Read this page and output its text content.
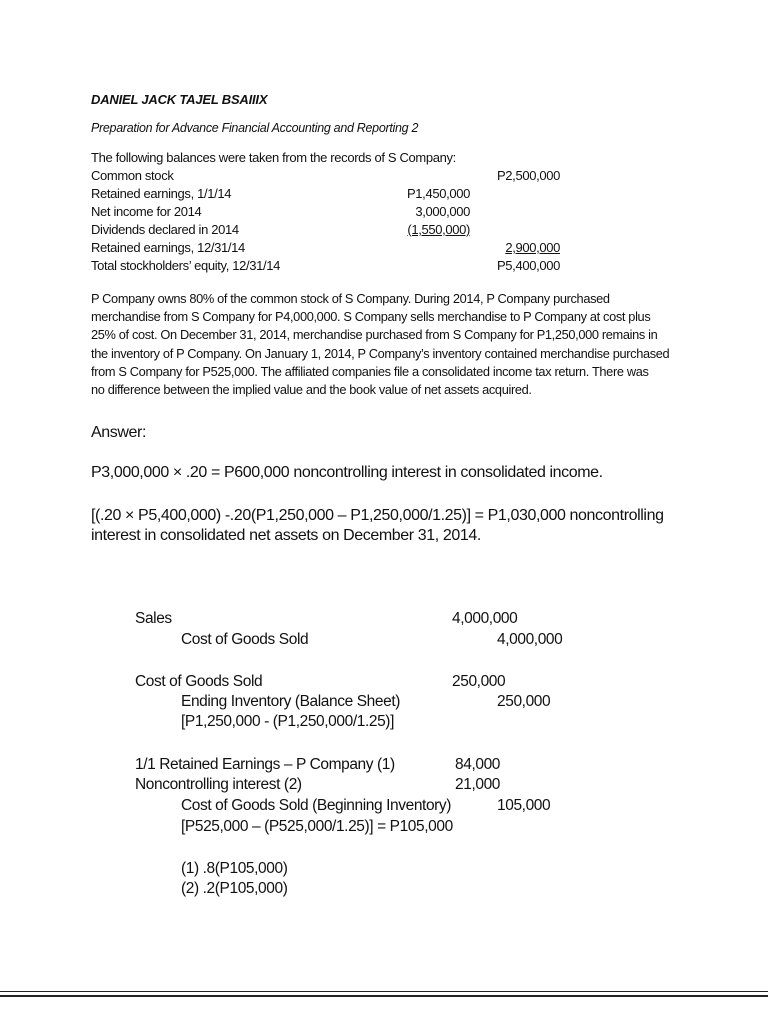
DANIEL JACK TAJEL BSAIIIX
Preparation for Advance Financial Accounting and Reporting 2
The following balances were taken from the records of S Company:
Common stock	P2,500,000
Retained earnings, 1/1/14	P1,450,000
Net income for 2014	3,000,000
Dividends declared in 2014	(1,550,000)
Retained earnings, 12/31/14	2,900,000
Total stockholders’ equity, 12/31/14	P5,400,000
P Company owns 80% of the common stock of S Company. During 2014, P Company purchased
merchandise from S Company for P4,000,000. S Company sells merchandise to P Company at cost plus
25% of cost. On December 31, 2014, merchandise purchased from S Company for P1,250,000 remains in
the inventory of P Company. On January 1, 2014, P Company’s inventory contained merchandise purchased
from S Company for P525,000. The affiliated companies file a consolidated income tax return. There was
no difference between the implied value and the book value of net assets acquired.
Answer:
P3,000,000 × .20 = P600,000 noncontrolling interest in consolidated income.
[(.20 × P5,400,000) -.20(P1,250,000 – P1,250,000/1.25)] = P1,030,000 noncontrolling
interest in consolidated net assets on December 31, 2014.
Sales	4,000,000
Cost of Goods Sold	4,000,000
Cost of Goods Sold	250,000
Ending Inventory (Balance Sheet)	250,000
[P1,250,000 - (P1,250,000/1.25)]
1/1 Retained Earnings – P Company (1)	84,000
Noncontrolling interest (2)	21,000
Cost of Goods Sold (Beginning Inventory)	105,000
[P525,000 – (P525,000/1.25)] = P105,000
(1) .8(P105,000)
(2) .2(P105,000)
